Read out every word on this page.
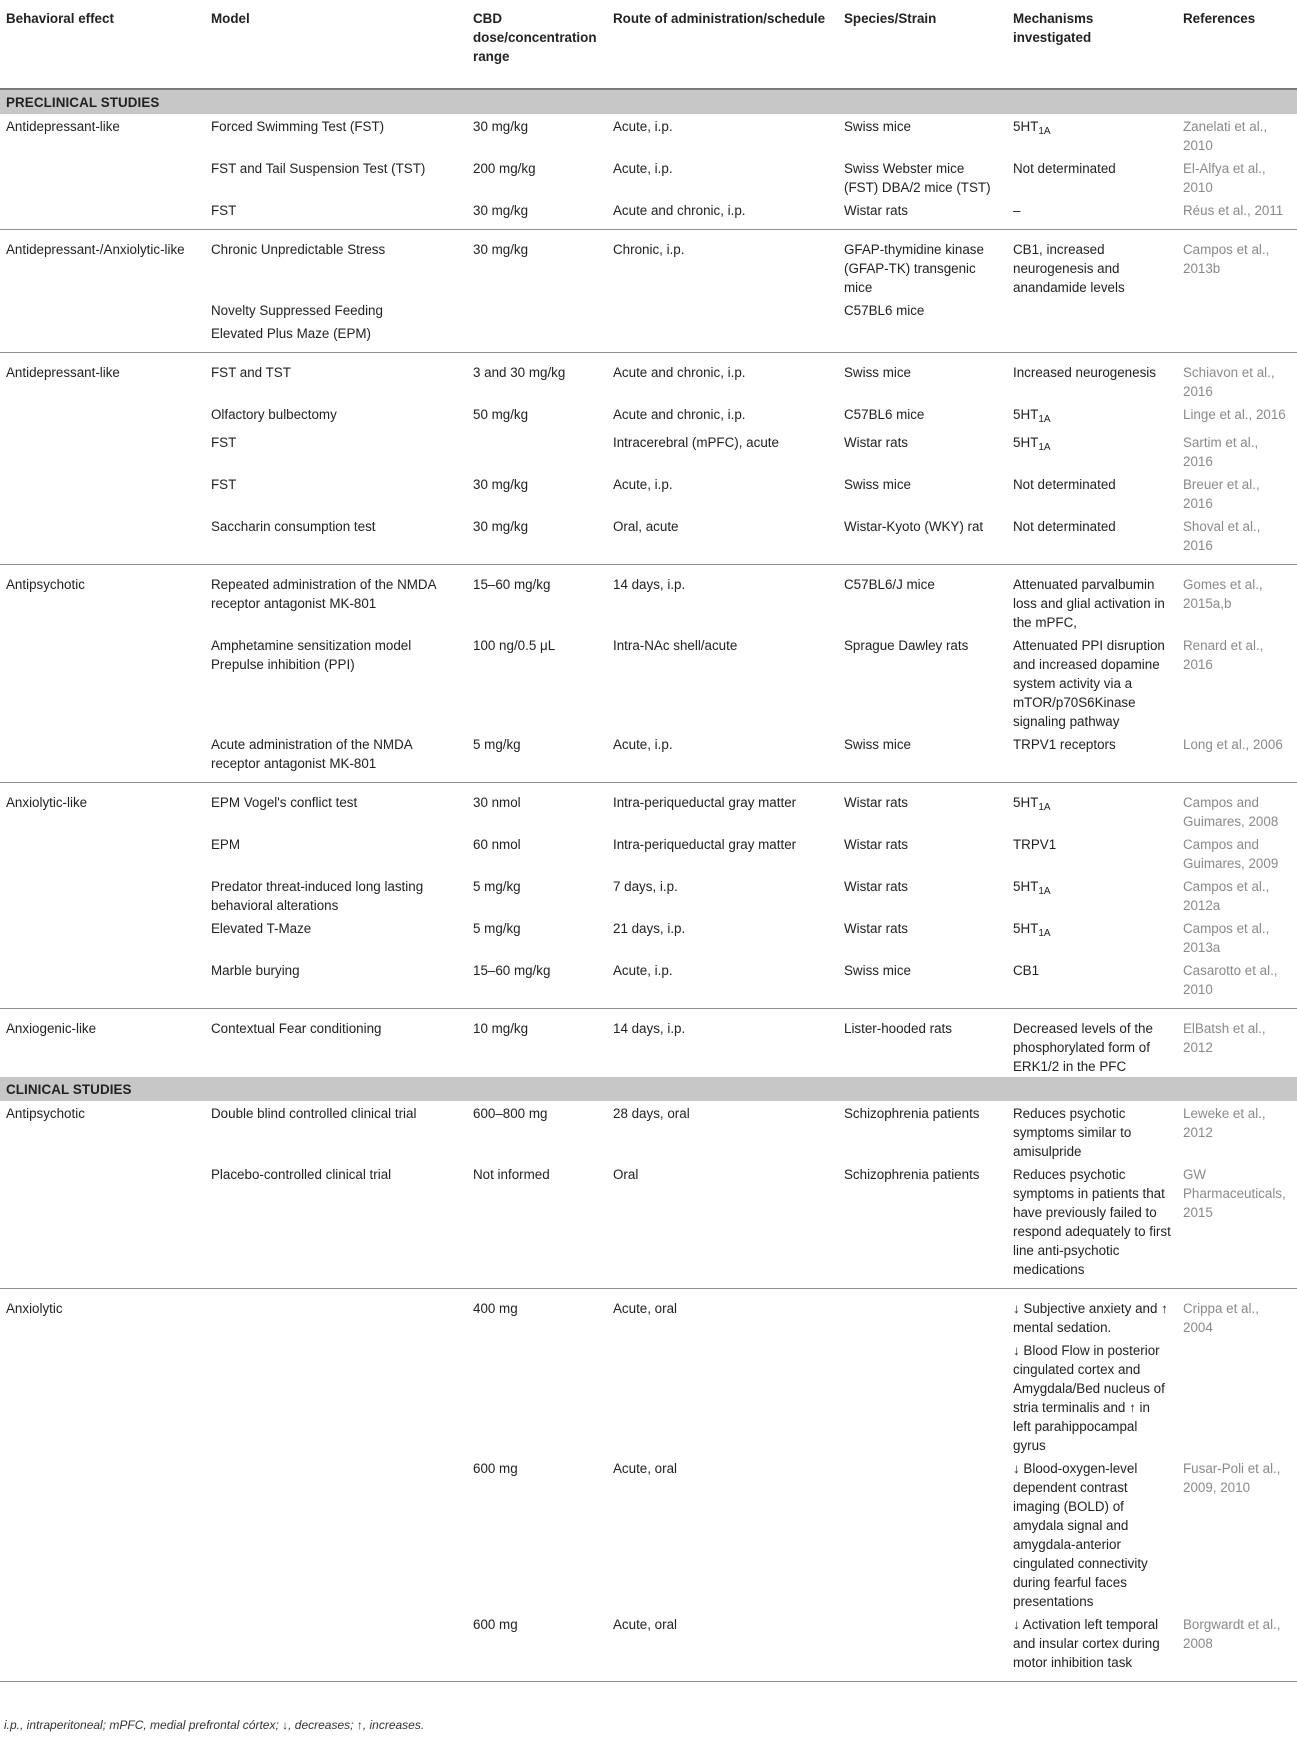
Behavioral effect	Model	CBD dose/concentration range	Route of administration/schedule	Species/Strain	Mechanisms investigated	References
PRECLINICAL STUDIES						
Antidepressant-like	Forced Swimming Test (FST)	30 mg/kg	Acute, i.p.	Swiss mice	$5HT_{1A}$	Zanelati et al., 2010
	FST and Tail Suspension Test (TST)	200 mg/kg	Acute, i.p.	Swiss Webster mice (FST) DBA/2 mice (TST)	Not determinated	El-Alfya et al., 2010
	FST	30 mg/kg	Acute and chronic, i.p.	Wistar rats	–	Réus et al., 2011
Antidepressant-/Anxiolytic-like	Chronic Unpredictable Stress	30 mg/kg	Chronic, i.p.	GFAP-thymidine kinase (GFAP-TK) transgenic mice	CB1, increased neurogenesis and anandamide levels	Campos et al., 2013b
	Novelty Suppressed Feeding			C57BL6 mice		
	Elevated Plus Maze (EPM)					
Antidepressant-like	FST and TST	3 and 30 mg/kg	Acute and chronic, i.p.	Swiss mice	Increased neurogenesis	Schiavon et al., 2016
	Olfactory bulbectomy	50 mg/kg	Acute and chronic, i.p.	C57BL6 mice	$5HT_{1A}$	Linge et al., 2016
	FST		Intracerebral (mPFC), acute	Wistar rats	$5HT_{1A}$	Sartim et al., 2016
	FST	30 mg/kg	Acute, i.p.	Swiss mice	Not determinated	Breuer et al., 2016
	Saccharin consumption test	30 mg/kg	Oral, acute	Wistar-Kyoto (WKY) rat	Not determinated	Shoval et al., 2016
Antipsychotic	Repeated administration of the NMDA receptor antagonist MK-801	15–60 mg/kg	14 days, i.p.	C57BL6/J mice	Attenuated parvalbumin loss and glial activation in the mPFC,	Gomes et al., 2015a,b
	Amphetamine sensitization model Prepulse inhibition (PPI)	100 ng/0.5 μL	Intra-NAc shell/acute	Sprague Dawley rats	Attenuated PPI disruption and increased dopamine system activity via a mTOR/p70S6Kinase signaling pathway	Renard et al., 2016
	Acute administration of the NMDA receptor antagonist MK-801	5 mg/kg	Acute, i.p.	Swiss mice	TRPV1 receptors	Long et al., 2006
Anxiolytic-like	EPM Vogel's conflict test	30 nmol	Intra-periqueductal gray matter	Wistar rats	$5HT_{1A}$	Campos and Guimares, 2008
	EPM	60 nmol	Intra-periqueductal gray matter	Wistar rats	TRPV1	Campos and Guimares, 2009
	Predator threat-induced long lasting behavioral alterations	5 mg/kg	7 days, i.p.	Wistar rats	$5HT_{1A}$	Campos et al., 2012a
	Elevated T-Maze	5 mg/kg	21 days, i.p.	Wistar rats	$5HT_{1A}$	Campos et al., 2013a
	Marble burying	15–60 mg/kg	Acute, i.p.	Swiss mice	CB1	Casarotto et al., 2010
Anxiogenic-like	Contextual Fear conditioning	10 mg/kg	14 days, i.p.	Lister-hooded rats	Decreased levels of the phosphorylated form of ERK1/2 in the PFC	ElBatsh et al., 2012
CLINICAL STUDIES						
Antipsychotic	Double blind controlled clinical trial	600–800 mg	28 days, oral	Schizophrenia patients	Reduces psychotic symptoms similar to amisulpride	Leweke et al., 2012
	Placebo-controlled clinical trial	Not informed	Oral	Schizophrenia patients	Reduces psychotic symptoms in patients that have previously failed to respond adequately to first line anti-psychotic medications	GW Pharmaceuticals, 2015
Anxiolytic		400 mg	Acute, oral		↓ Subjective anxiety and ↑ mental sedation.	Crippa et al., 2004
					↓ Blood Flow in posterior cingulated cortex and Amygdala/Bed nucleus of stria terminalis and ↑ in left parahippocampal gyrus	
		600 mg	Acute, oral		↓ Blood-oxygen-level dependent contrast imaging (BOLD) of amydala signal and amygdala-anterior cingulated connectivity during fearful faces presentations	Fusar-Poli et al., 2009, 2010
		600 mg	Acute, oral		↓ Activation left temporal and insular cortex during motor inhibition task	Borgwardt et al., 2008
i.p., intraperitoneal; mPFC, medial prefrontal córtex; ↓, decreases; ↑, increases.
